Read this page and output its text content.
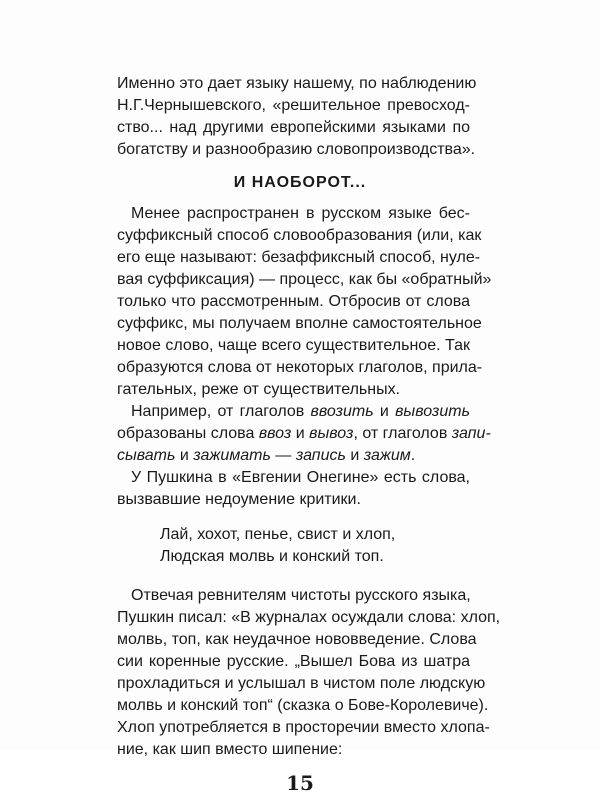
Именно это дает языку нашему, по наблюдению
Н.Г.Чернышевского, «решительное превосход-
ство... над другими европейскими языками по
богатству и разнообразию словопроизводства».
И НАОБОРОТ...
Менее распространен в русском языке бес-
суффиксный способ словообразования (или, как
его еще называют: безаффиксный способ, нуле-
вая суффиксация) — процесс, как бы «обратный»
только что рассмотренным. Отбросив от слова
суффикс, мы получаем вполне самостоятельное
новое слово, чаще всего существительное. Так
образуются слова от некоторых глаголов, прила-
гательных, реже от существительных.
Например, от глаголов ввозить и вывозить
образованы слова ввоз и вывоз, от глаголов запи-
сывать и зажимать — запись и зажим.
У Пушкина в «Евгении Онегине» есть слова,
вызвавшие недоумение критики.
Лай, хохот, пенье, свист и хлоп,
Людская молвь и конский топ.
Отвечая ревнителям чистоты русского языка,
Пушкин писал: «В журналах осуждали слова: хлоп,
молвь, топ, как неудачное нововведение. Слова
сии коренные русские. „Вышел Бова из шатра
15
прохладиться и услышал в чистом поле людскую
молвь и конский топ“ (сказка о Бове-Королевиче).
Хлоп употребляется в просторечии вместо хлопа-
ние, как шип вместо шипение:
